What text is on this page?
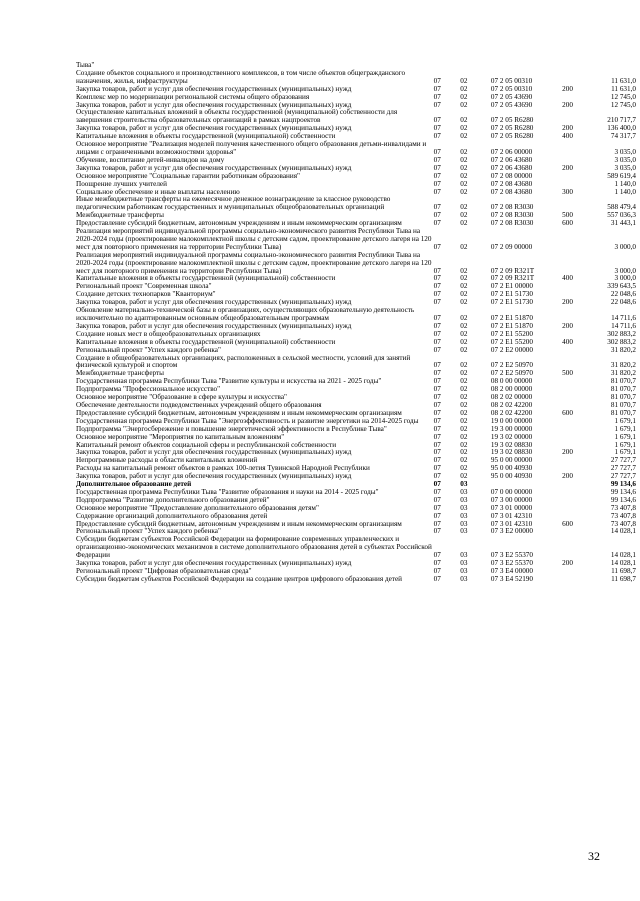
Тыва"					
Создание объектов социального и производственного комплексов, в том числе объектов общегражданского назначения, жилья, инфраструктуры	07	02	07 2 05 00310		11 631,0
Закупка товаров, работ и услуг для обеспечения государственных (муниципальных) нужд	07	02	07 2 05 00310	200	11 631,0
Комплекс мер по модернизации региональной системы общего образования	07	02	07 2 05 43690		12 745,0
Закупка товаров, работ и услуг для обеспечения государственных (муниципальных) нужд	07	02	07 2 05 43690	200	12 745,0
Осуществление капитальных вложений в объекты государственной (муниципальной) собственности для завершения строительства образовательных организаций в рамках нацпроектов	07	02	07 2 05 R6280		210 717,7
Закупка товаров, работ и услуг для обеспечения государственных (муниципальных) нужд	07	02	07 2 05 R6280	200	136 400,0
Капитальные вложения в объекты государственной (муниципальной) собственности	07	02	07 2 05 R6280	400	74 317,7
Основное мероприятие "Реализация моделей получения качественного общего образования детьми-инвалидами и лицами с ограниченными возможностями здоровья"	07	02	07 2 06 00000		3 035,0
Обучение, воспитание детей-инвалидов на дому	07	02	07 2 06 43680		3 035,0
Закупка товаров, работ и услуг для обеспечения государственных (муниципальных) нужд	07	02	07 2 06 43680	200	3 035,0
Основное мероприятие "Социальные гарантии работникам образования"	07	02	07 2 08 00000		589 619,4
Поощрение лучших учителей	07	02	07 2 08 43680		1 140,0
Социальное обеспечение и иные выплаты населению	07	02	07 2 08 43680	300	1 140,0
Иные межбюджетные трансферты на ежемесячное денежное вознаграждение за классное руководство педагогическим работникам государственных и муниципальных общеобразовательных организаций	07	02	07 2 08 R3030		588 479,4
Межбюджетные трансферты	07	02	07 2 08 R3030	500	557 036,3
Предоставление субсидий бюджетным, автономным учреждениям и иным некоммерческим организациям	07	02	07 2 08 R3030	600	31 443,1
Реализация мероприятий индивидуальной программы социально-экономического развития Республики Тыва на 2020-2024 годы (проектирование малокомплектной школы с детским садом, проектирование детского лагеря на 120 мест для повторного применения на территории Республики Тыва)	07	02	07 2 09 00000		3 000,0
Реализация мероприятий индивидуальной программы социально-экономического развития Республики Тыва на 2020-2024 годы (проектирование малокомплектной школы с детским садом, проектирование детского лагеря на 120 мест для повторного применения на территории Республики Тыва)	07	02	07 2 09 R321T		3 000,0
Капитальные вложения в объекты государственной (муниципальной) собственности	07	02	07 2 09 R321T	400	3 000,0
Региональный проект "Современная школа"	07	02	07 2 E1 00000		339 643,5
Создание детских технопарков "Кванториум"	07	02	07 2 E1 51730		22 048,6
Закупка товаров, работ и услуг для обеспечения государственных (муниципальных) нужд	07	02	07 2 E1 51730	200	22 048,6
Обновление материально-технической базы в организациях, осуществляющих образовательную деятельность исключительно по адаптированным основным общеобразовательным программам	07	02	07 2 E1 51870		14 711,6
Закупка товаров, работ и услуг для обеспечения государственных (муниципальных) нужд	07	02	07 2 E1 51870	200	14 711,6
Создание новых мест в общеобразовательных организациях	07	02	07 2 E1 55200		302 883,2
Капитальные вложения в объекты государственной (муниципальной) собственности	07	02	07 2 E1 55200	400	302 883,2
Региональный проект "Успех каждого ребенка"	07	02	07 2 E2 00000		31 820,2
Создание в общеобразовательных организациях, расположенных в сельской местности, условий для занятий физической культурой и спортом	07	02	07 2 E2 50970		31 820,2
Межбюджетные трансферты	07	02	07 2 E2 50970	500	31 820,2
Государственная программа Республики Тыва "Развитие культуры и искусства на 2021 - 2025 годы"	07	02	08 0 00 00000		81 070,7
Подпрограмма "Профессиональное искусство"	07	02	08 2 00 00000		81 070,7
Основное мероприятие "Образование в сфере культуры и искусства"	07	02	08 2 02 00000		81 070,7
Обеспечение деятельности подведомственных учреждений общего образования	07	02	08 2 02 42200		81 070,7
Предоставление субсидий бюджетным, автономным учреждениям и иным некоммерческим организациям	07	02	08 2 02 42200	600	81 070,7
Государственная программа Республики Тыва "Энергоэффективность и развитие энергетики на 2014-2025 годы	07	02	19 0 00 00000		1 679,1
Подпрограмма "Энергосбережение и повышение энергетической эффективности в Республике Тыва"	07	02	19 3 00 00000		1 679,1
Основное мероприятие "Мероприятия по капитальным вложениям"	07	02	19 3 02 00000		1 679,1
Капитальный ремонт объектов социальной сферы и республиканской собственности	07	02	19 3 02 08830		1 679,1
Закупка товаров, работ и услуг для обеспечения государственных (муниципальных) нужд	07	02	19 3 02 08830	200	1 679,1
Непрограммные расходы в области капитальных вложений	07	02	95 0 00 00000		27 727,7
Расходы на капитальный ремонт объектов в рамках 100-летия Тувинской Народной Республики	07	02	95 0 00 40930		27 727,7
Закупка товаров, работ и услуг для обеспечения государственных (муниципальных) нужд	07	02	95 0 00 40930	200	27 727,7
Дополнительное образование детей	07	03			99 134,6
Государственная программа Республики Тыва "Развитие образования и науки на 2014 - 2025 годы"	07	03	07 0 00 00000		99 134,6
Подпрограмма "Развитие дополнительного образования детей"	07	03	07 3 00 00000		99 134,6
Основное мероприятие "Предоставление дополнительного образования детям"	07	03	07 3 01 00000		73 407,8
Содержание организаций дополнительного образования детей	07	03	07 3 01 42310		73 407,8
Предоставление субсидий бюджетным, автономным учреждениям и иным некоммерческим организациям	07	03	07 3 01 42310	600	73 407,8
Региональный проект "Успех каждого ребенка"	07	03	07 3 E2 00000		14 028,1
Субсидии бюджетам субъектов Российской Федерации на формирование современных управленческих и организационно-экономических механизмов в системе дополнительного образования детей в субъектах Российской Федерации	07	03	07 3 E2 55370		14 028,1
Закупка товаров, работ и услуг для обеспечения государственных (муниципальных) нужд	07	03	07 3 E2 55370	200	14 028,1
Региональный проект "Цифровая образовательная среда"	07	03	07 3 E4 00000		11 698,7
Субсидии бюджетам субъектов Российской Федерации на создание центров цифрового образования детей	07	03	07 3 E4 52190		11 698,7
32
